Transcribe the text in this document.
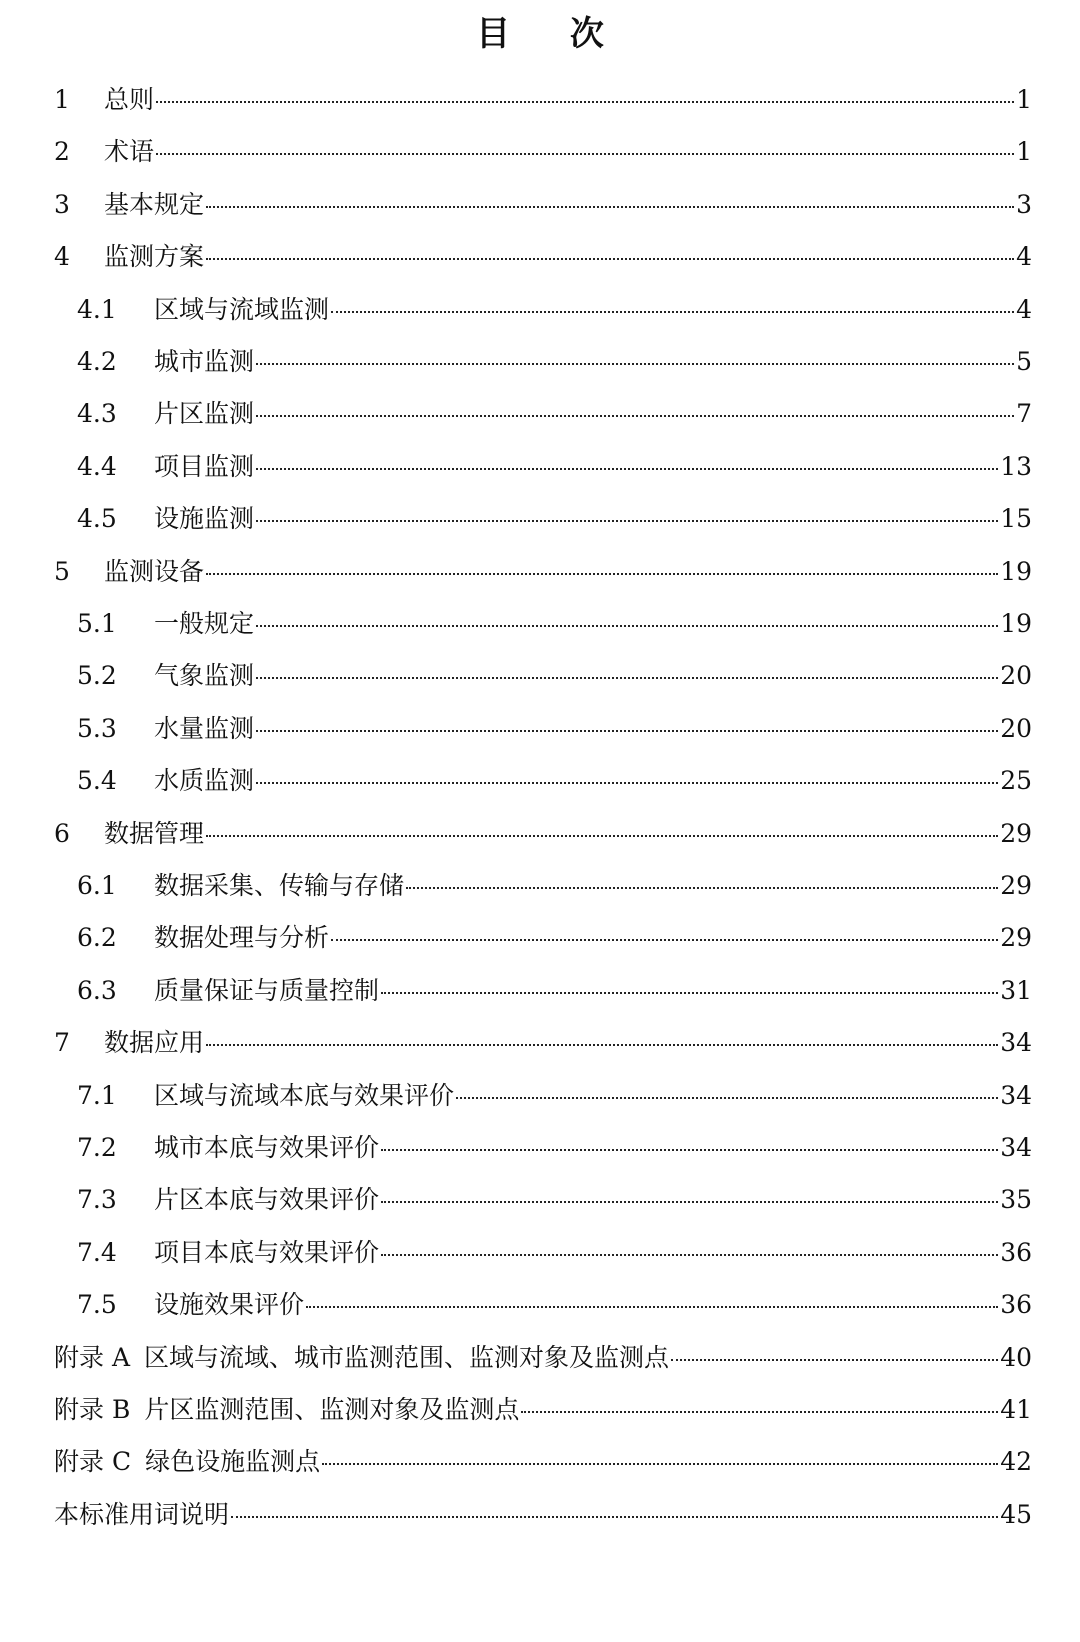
目 次
1	总则	1
2	术语	1
3	基本规定	3
4	监测方案	4
4.1	区域与流域监测	4
4.2	城市监测	5
4.3	片区监测	7
4.4	项目监测	13
4.5	设施监测	15
5	监测设备	19
5.1	一般规定	19
5.2	气象监测	20
5.3	水量监测	20
5.4	水质监测	25
6	数据管理	29
6.1	数据采集、传输与存储	29
6.2	数据处理与分析	29
6.3	质量保证与质量控制	31
7	数据应用	34
7.1	区域与流域本底与效果评价	34
7.2	城市本底与效果评价	34
7.3	片区本底与效果评价	35
7.4	项目本底与效果评价	36
7.5	设施效果评价	36
附录 A 区域与流域、城市监测范围、监测对象及监测点	40
附录 B 片区监测范围、监测对象及监测点	41
附录 C 绿色设施监测点	42
本标准用词说明	45
